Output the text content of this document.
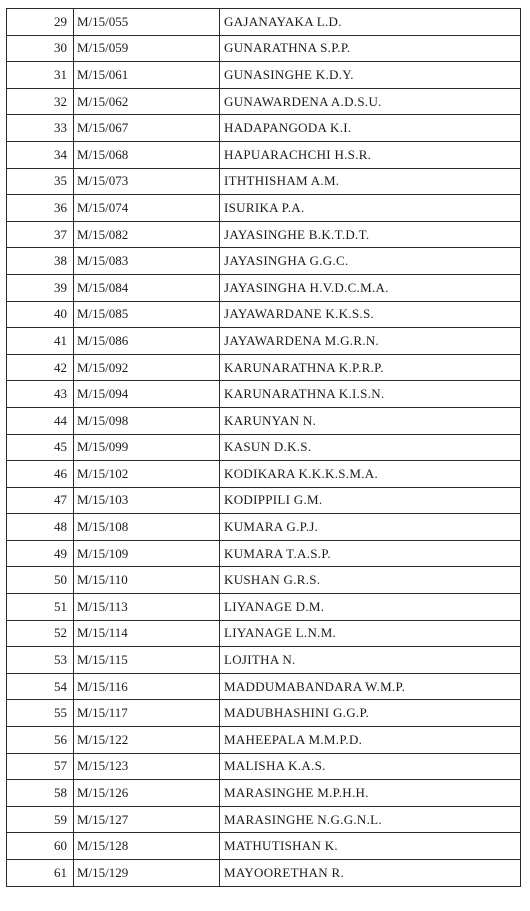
29	M/15/055	GAJANAYAKA L.D.
30	M/15/059	GUNARATHNA S.P.P.
31	M/15/061	GUNASINGHE K.D.Y.
32	M/15/062	GUNAWARDENA A.D.S.U.
33	M/15/067	HADAPANGODA K.I.
34	M/15/068	HAPUARACHCHI H.S.R.
35	M/15/073	ITHTHISHAM A.M.
36	M/15/074	ISURIKA P.A.
37	M/15/082	JAYASINGHE B.K.T.D.T.
38	M/15/083	JAYASINGHA G.G.C.
39	M/15/084	JAYASINGHA H.V.D.C.M.A.
40	M/15/085	JAYAWARDANE K.K.S.S.
41	M/15/086	JAYAWARDENA M.G.R.N.
42	M/15/092	KARUNARATHNA K.P.R.P.
43	M/15/094	KARUNARATHNA K.I.S.N.
44	M/15/098	KARUNYAN N.
45	M/15/099	KASUN D.K.S.
46	M/15/102	KODIKARA K.K.K.S.M.A.
47	M/15/103	KODIPPILI G.M.
48	M/15/108	KUMARA G.P.J.
49	M/15/109	KUMARA T.A.S.P.
50	M/15/110	KUSHAN G.R.S.
51	M/15/113	LIYANAGE D.M.
52	M/15/114	LIYANAGE L.N.M.
53	M/15/115	LOJITHA N.
54	M/15/116	MADDUMABANDARA W.M.P.
55	M/15/117	MADUBHASHINI G.G.P.
56	M/15/122	MAHEEPALA M.M.P.D.
57	M/15/123	MALISHA K.A.S.
58	M/15/126	MARASINGHE M.P.H.H.
59	M/15/127	MARASINGHE N.G.G.N.L.
60	M/15/128	MATHUTISHAN K.
61	M/15/129	MAYOORETHAN R.
